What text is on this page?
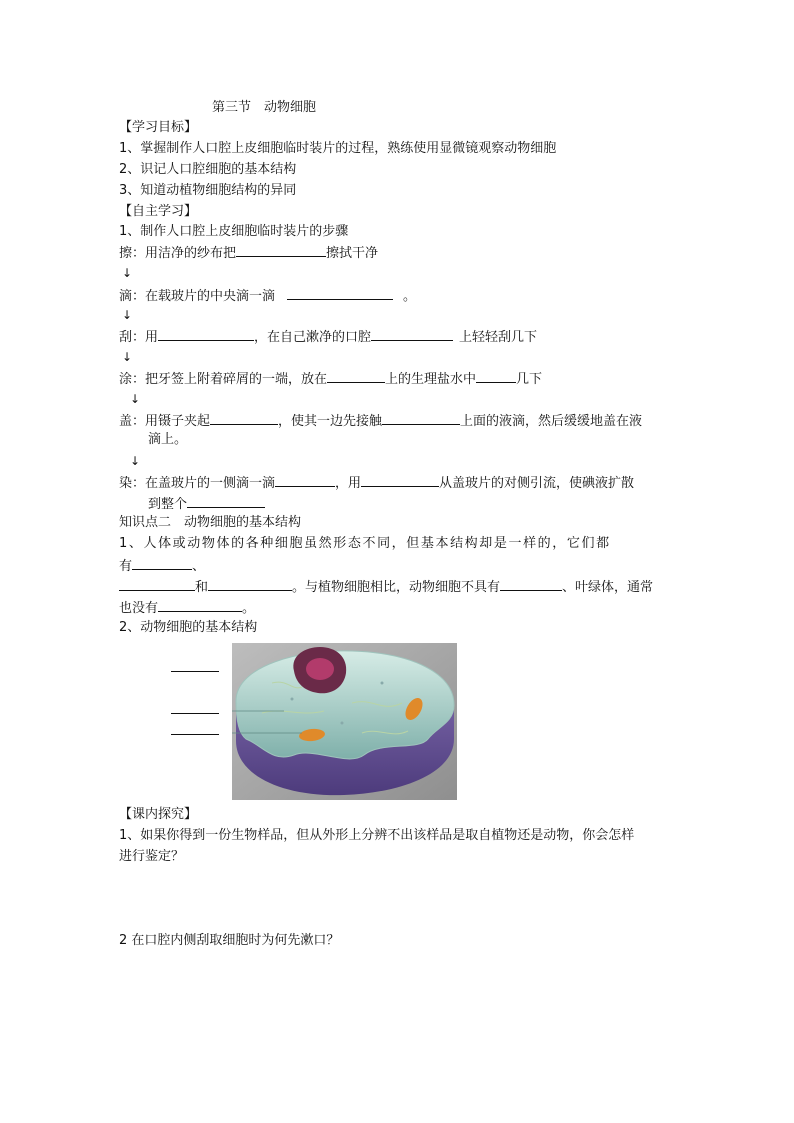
第三节　动物细胞
【学习目标】
1、掌握制作人口腔上皮细胞临时装片的过程，熟练使用显微镜观察动物细胞
2、识记人口腔细胞的基本结构
3、知道动植物细胞结构的异同
【自主学习】
1、制作人口腔上皮细胞临时装片的步骤
擦：用洁净的纱布把	擦拭干净
↓
滴：在载玻片的中央滴一滴	。
↓
刮：用	，在自己漱净的口腔	上轻轻刮几下
↓
涂：把牙签上附着碎屑的一端，放在	上的生理盐水中	几下
↓
盖：用镊子夹起	，使其一边先接触	上面的液滴，然后缓缓地盖在液
滴上。
↓
染：在盖玻片的一侧滴一滴	，用	从盖玻片的对侧引流，使碘液扩散
到整个
知识点二　动物细胞的基本结构
1、人体或动物体的各种细胞虽然形态不同，但基本结构却是一样的，它们都
有	、
和	。与植物细胞相比，动物细胞不具有	、叶绿体，通常
也没有	。
2、动物细胞的基本结构
【课内探究】
1、如果你得到一份生物样品，但从外形上分辨不出该样品是取自植物还是动物，你会怎样
进行鉴定？
2 在口腔内侧刮取细胞时为何先漱口？
